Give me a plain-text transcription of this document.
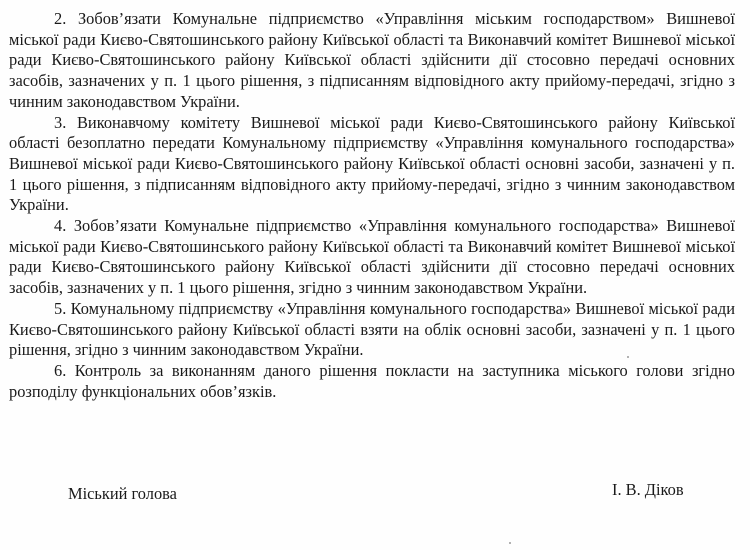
2. Зобов’язати Комунальне підприємство «Управління міським господарством» Вишневої міської ради Києво-Святошинського району Київської області та Виконавчий комітет Вишневої міської ради Києво-Святошинського району Київської області здійснити дії стосовно передачі основних засобів, зазначених у п. 1 цього рішення, з підписанням відповідного акту прийому-передачі, згідно з чинним законодавством України.

3. Виконавчому комітету Вишневої міської ради Києво-Святошинського району Київської області безоплатно передати Комунальному підприємству «Управління комунального господарства» Вишневої міської ради Києво-Святошинського району Київської області основні засоби, зазначені у п. 1 цього рішення, з підписанням відповідного акту прийому-передачі, згідно з чинним законодавством України.

4. Зобов’язати Комунальне підприємство «Управління комунального господарства» Вишневої міської ради Києво-Святошинського району Київської області та Виконавчий комітет Вишневої міської ради Києво-Святошинського району Київської області здійснити дії стосовно передачі основних засобів, зазначених у п. 1 цього рішення, згідно з чинним законодавством України.

5. Комунальному підприємству «Управління комунального господарства» Вишневої міської ради Києво-Святошинського району Київської області взяти на облік основні засоби, зазначені у п. 1 цього рішення, згідно з чинним законодавством України.

6. Контроль за виконанням даного рішення покласти на заступника міського голови згідно розподілу функціональних обов’язків.

Міський голова	І. В. Діков
